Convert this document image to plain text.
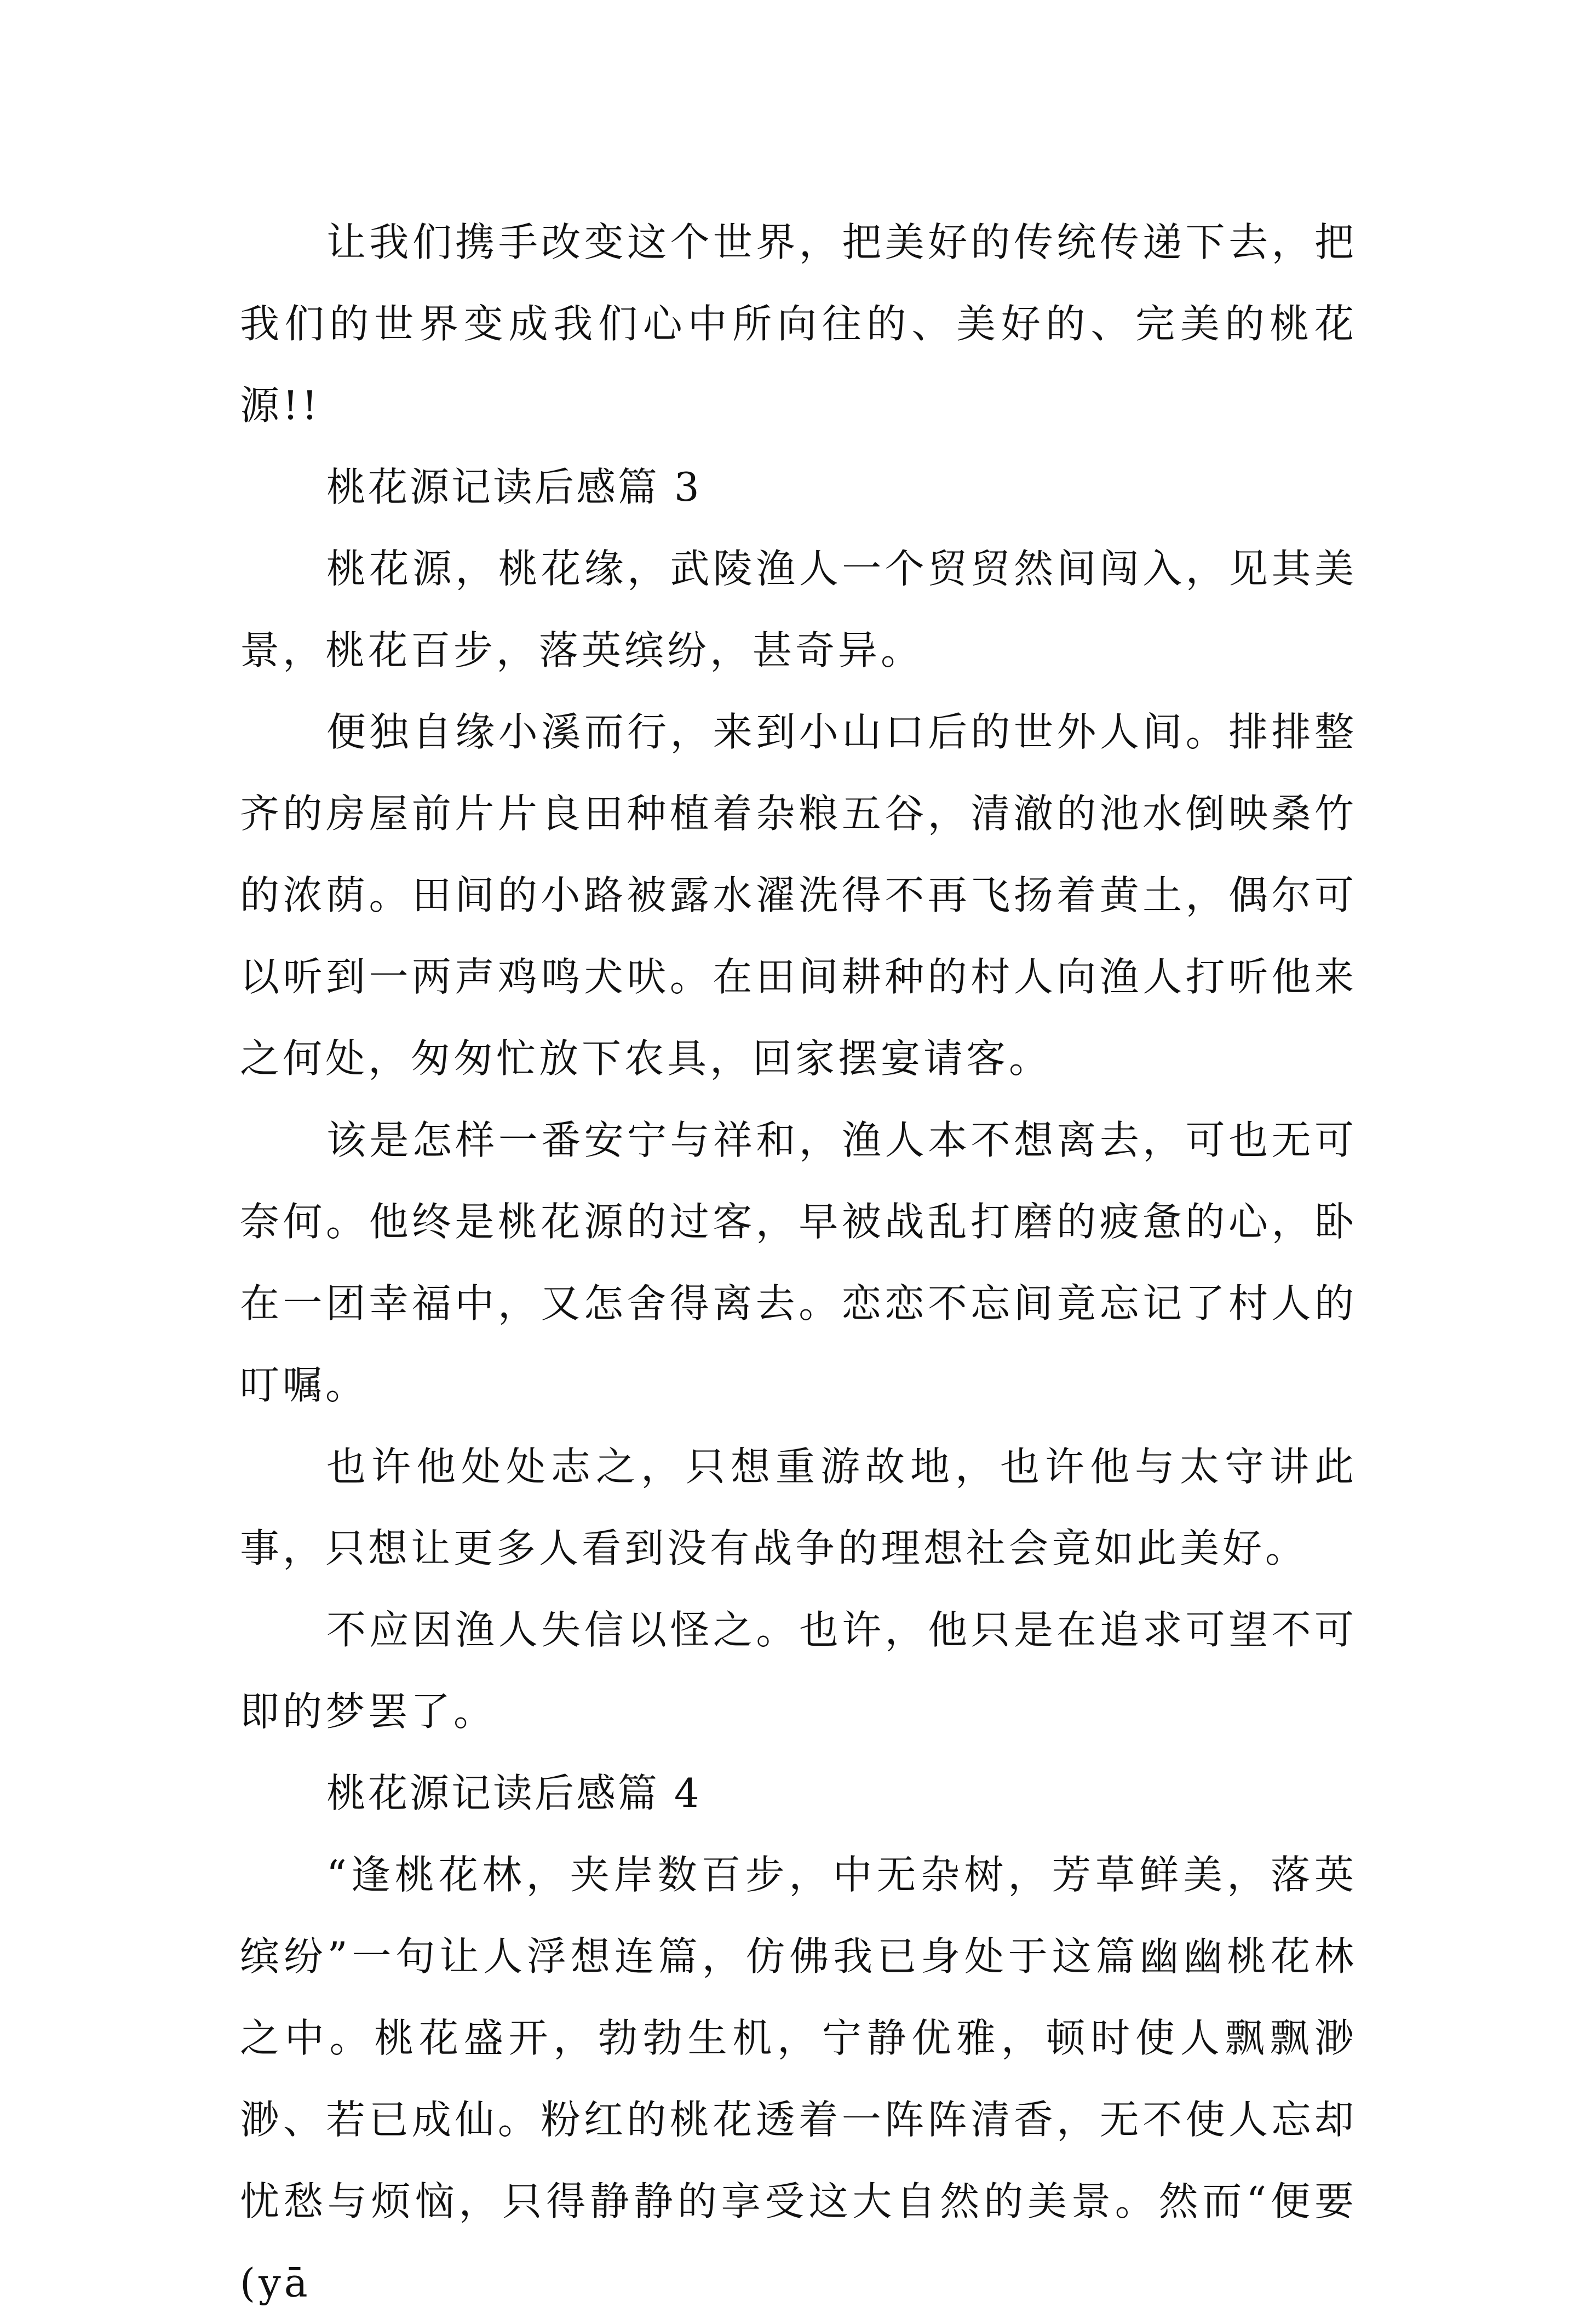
让我们携手改变这个世界，把美好的传统传递下去，把我们的世界变成我们心中所向往的、美好的、完美的桃花源!!

桃花源记读后感篇 3

桃花源，桃花缘，武陵渔人一个贸贸然间闯入，见其美景，桃花百步，落英缤纷，甚奇异。

便独自缘小溪而行，来到小山口后的世外人间。排排整齐的房屋前片片良田种植着杂粮五谷，清澈的池水倒映桑竹的浓荫。田间的小路被露水濯洗得不再飞扬着黄土，偶尔可以听到一两声鸡鸣犬吠。在田间耕种的村人向渔人打听他来之何处，匆匆忙放下农具，回家摆宴请客。

该是怎样一番安宁与祥和，渔人本不想离去，可也无可奈何。他终是桃花源的过客，早被战乱打磨的疲惫的心，卧在一团幸福中，又怎舍得离去。恋恋不忘间竟忘记了村人的叮嘱。

也许他处处志之，只想重游故地，也许他与太守讲此事，只想让更多人看到没有战争的理想社会竟如此美好。

不应因渔人失信以怪之。也许，他只是在追求可望不可即的梦罢了。

桃花源记读后感篇 4

“逢桃花林，夹岸数百步，中无杂树，芳草鲜美，落英缤纷”一句让人浮想连篇，仿佛我已身处于这篇幽幽桃花林之中。桃花盛开，勃勃生机，宁静优雅，顿时使人飘飘渺渺、若已成仙。粉红的桃花透着一阵阵清香，无不使人忘却忧愁与烦恼，只得静静的享受这大自然的美景。然而“便要(yā
